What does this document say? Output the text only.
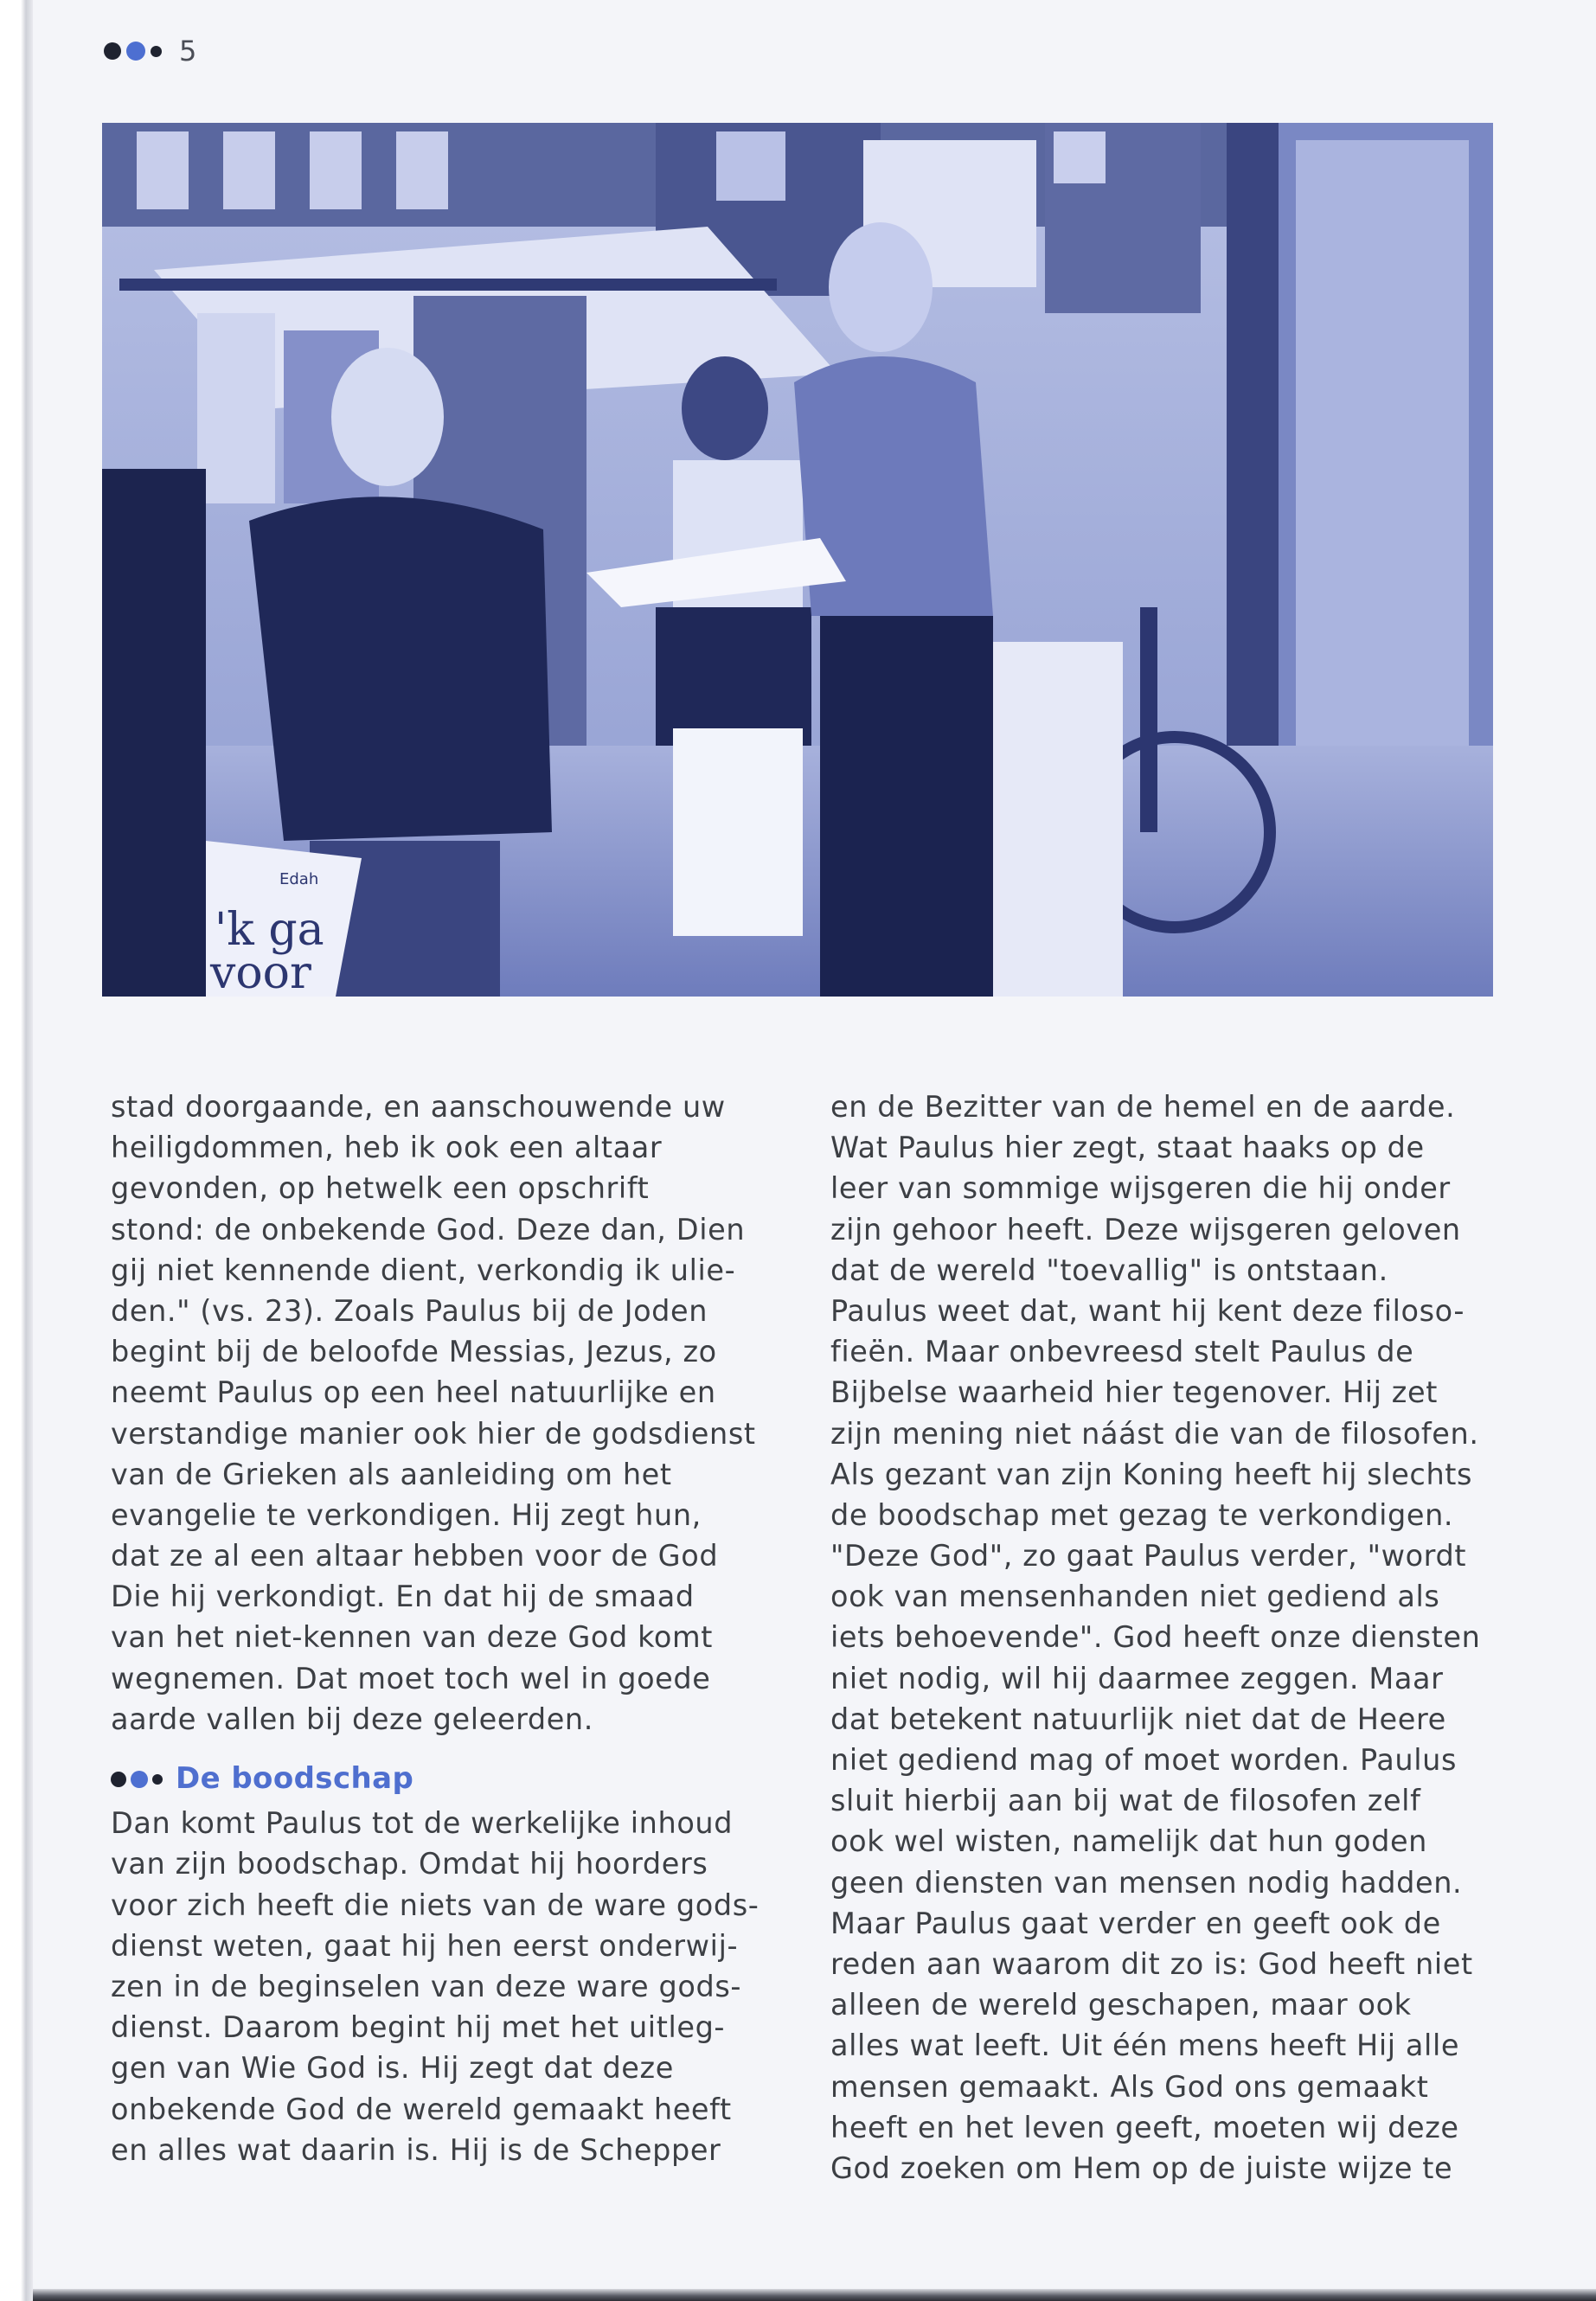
5
'k ga
voor
Edah
stad doorgaande, en aanschouwende uw
heiligdommen, heb ik ook een altaar
gevonden, op hetwelk een opschrift
stond: de onbekende God. Deze dan, Dien
gij niet kennende dient, verkondig ik ulie-
den." (vs. 23). Zoals Paulus bij de Joden
begint bij de beloofde Messias, Jezus, zo
neemt Paulus op een heel natuurlijke en
verstandige manier ook hier de godsdienst
van de Grieken als aanleiding om het
evangelie te verkondigen. Hij zegt hun,
dat ze al een altaar hebben voor de God
Die hij verkondigt. En dat hij de smaad
van het niet-kennen van deze God komt
wegnemen. Dat moet toch wel in goede
aarde vallen bij deze geleerden.
De boodschap
Dan komt Paulus tot de werkelijke inhoud
van zijn boodschap. Omdat hij hoorders
voor zich heeft die niets van de ware gods-
dienst weten, gaat hij hen eerst onderwij-
zen in de beginselen van deze ware gods-
dienst. Daarom begint hij met het uitleg-
gen van Wie God is. Hij zegt dat deze
onbekende God de wereld gemaakt heeft
en alles wat daarin is. Hij is de Schepper
en de Bezitter van de hemel en de aarde.
Wat Paulus hier zegt, staat haaks op de
leer van sommige wijsgeren die hij onder
zijn gehoor heeft. Deze wijsgeren geloven
dat de wereld "toevallig" is ontstaan.
Paulus weet dat, want hij kent deze filoso-
fieën. Maar onbevreesd stelt Paulus de
Bijbelse waarheid hier tegenover. Hij zet
zijn mening niet náást die van de filosofen.
Als gezant van zijn Koning heeft hij slechts
de boodschap met gezag te verkondigen.
"Deze God", zo gaat Paulus verder, "wordt
ook van mensenhanden niet gediend als
iets behoevende". God heeft onze diensten
niet nodig, wil hij daarmee zeggen. Maar
dat betekent natuurlijk niet dat de Heere
niet gediend mag of moet worden. Paulus
sluit hierbij aan bij wat de filosofen zelf
ook wel wisten, namelijk dat hun goden
geen diensten van mensen nodig hadden.
Maar Paulus gaat verder en geeft ook de
reden aan waarom dit zo is: God heeft niet
alleen de wereld geschapen, maar ook
alles wat leeft. Uit één mens heeft Hij alle
mensen gemaakt. Als God ons gemaakt
heeft en het leven geeft, moeten wij deze
God zoeken om Hem op de juiste wijze te
